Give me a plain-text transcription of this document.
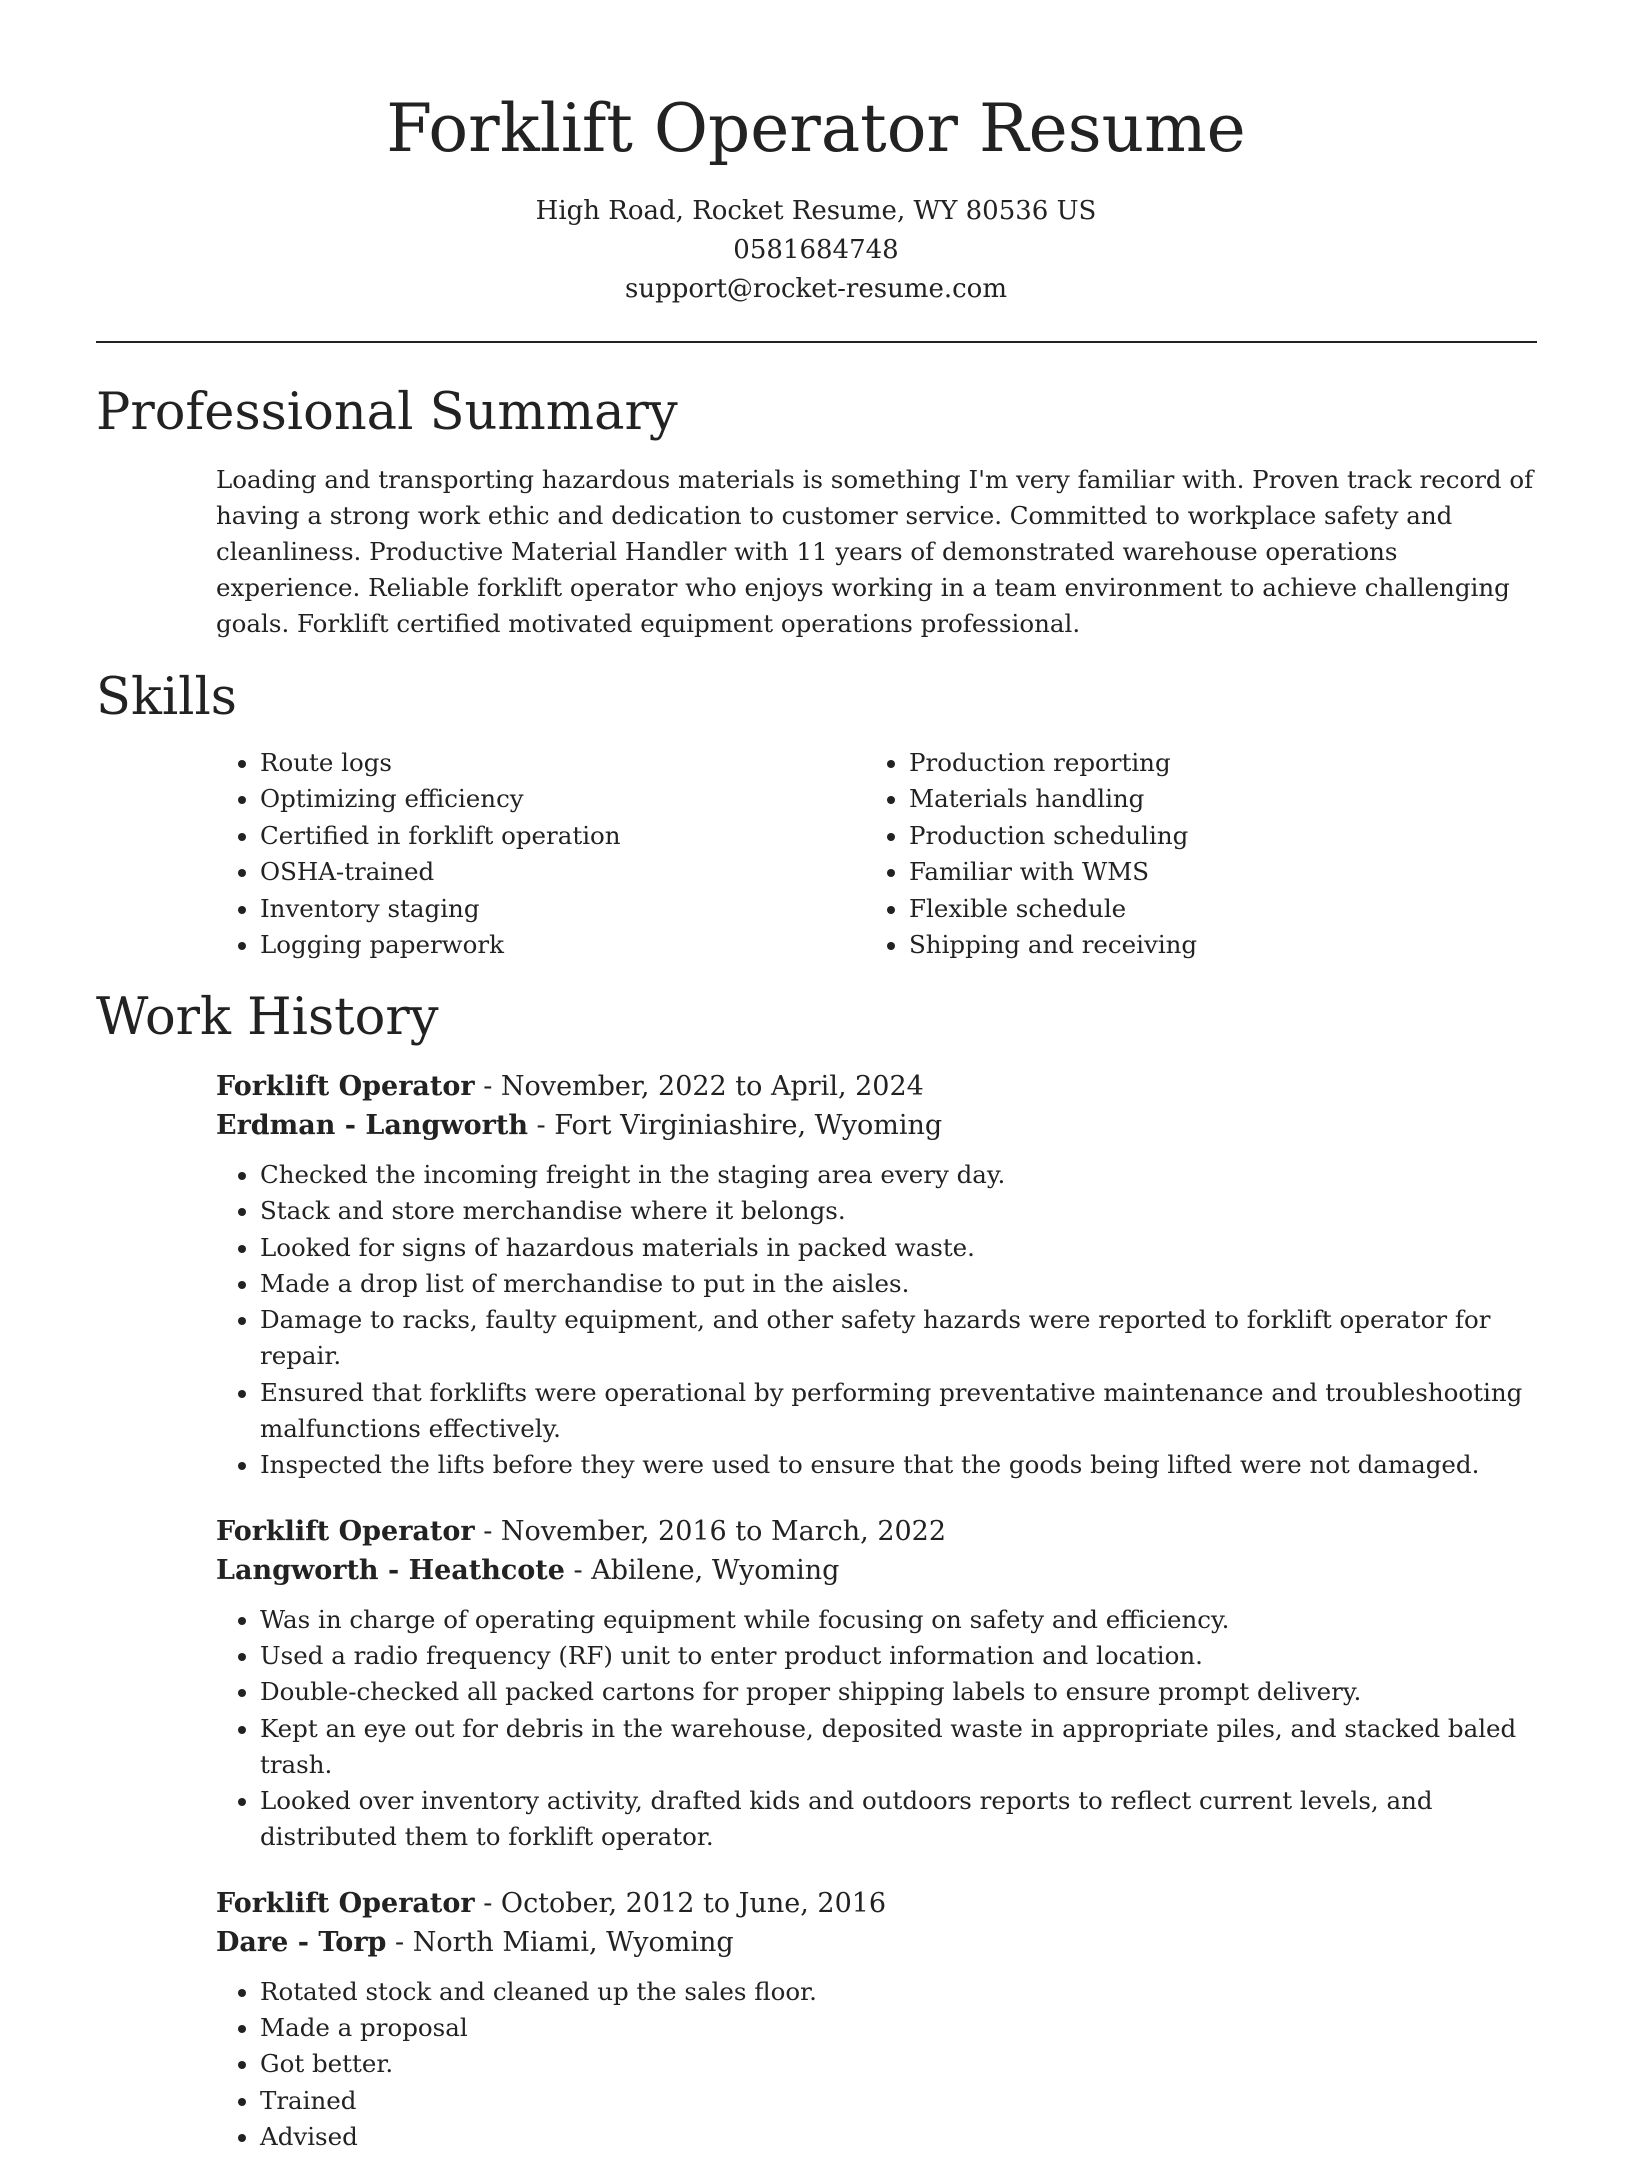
Forklift Operator Resume
High Road, Rocket Resume, WY 80536 US
0581684748
support@rocket-resume.com
Professional Summary

Loading and transporting hazardous materials is something I'm very familiar with. Proven track record of having a strong work ethic and dedication to customer service. Committed to workplace safety and cleanliness. Productive Material Handler with 11 years of demonstrated warehouse operations experience. Reliable forklift operator who enjoys working in a team environment to achieve challenging goals. Forklift certified motivated equipment operations professional.

Skills
• Route logs
• Optimizing efficiency
• Certified in forklift operation
• OSHA-trained
• Inventory staging
• Logging paperwork
• Production reporting
• Materials handling
• Production scheduling
• Familiar with WMS
• Flexible schedule
• Shipping and receiving
Work History
Forklift Operator - November, 2022 to April, 2024
Erdman - Langworth - Fort Virginiashire, Wyoming
• Checked the incoming freight in the staging area every day.
• Stack and store merchandise where it belongs.
• Looked for signs of hazardous materials in packed waste.
• Made a drop list of merchandise to put in the aisles.
• Damage to racks, faulty equipment, and other safety hazards were reported to forklift operator for repair.
• Ensured that forklifts were operational by performing preventative maintenance and troubleshooting malfunctions effectively.
• Inspected the lifts before they were used to ensure that the goods being lifted were not damaged.
Forklift Operator - November, 2016 to March, 2022
Langworth - Heathcote - Abilene, Wyoming
• Was in charge of operating equipment while focusing on safety and efficiency.
• Used a radio frequency (RF) unit to enter product information and location.
• Double-checked all packed cartons for proper shipping labels to ensure prompt delivery.
• Kept an eye out for debris in the warehouse, deposited waste in appropriate piles, and stacked baled trash.
• Looked over inventory activity, drafted kids and outdoors reports to reflect current levels, and distributed them to forklift operator.
Forklift Operator - October, 2012 to June, 2016
Dare - Torp - North Miami, Wyoming
• Rotated stock and cleaned up the sales floor.
• Made a proposal
• Got better.
• Trained
• Advised
